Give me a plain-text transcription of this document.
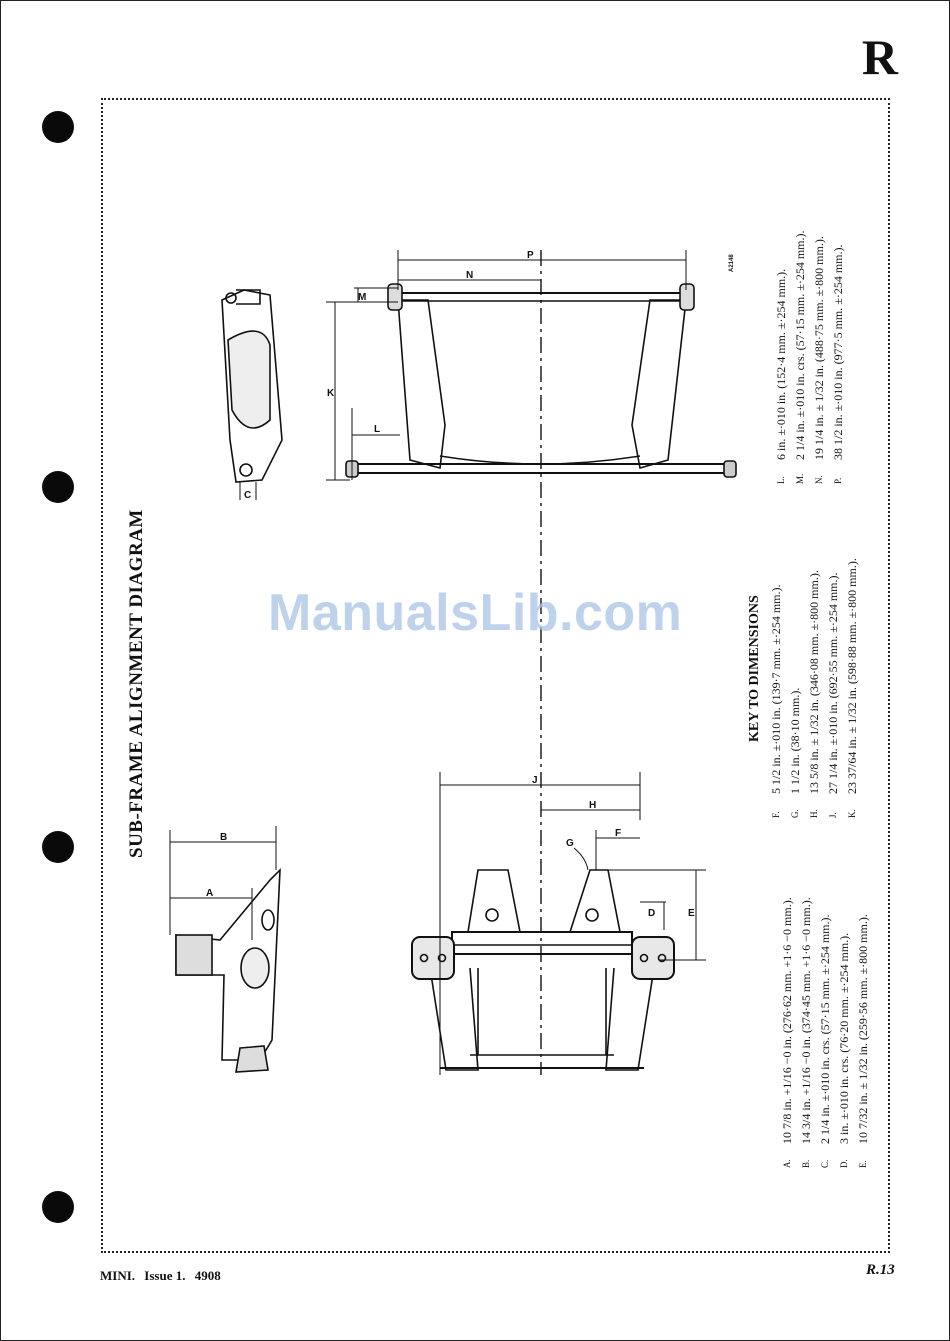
R
SUB-FRAME ALIGNMENT DIAGRAM	KEY TO DIMENSIONS
A.
10 7/8 in. +1/16 −0 in. (276·62 mm. +1·6 −0 mm.).
B.
14 3/4 in. +1/16 −0 in. (374·45 mm. +1·6 −0 mm.).
C.
2 1/4 in. ±·010 in. crs. (57·15 mm. ±·254 mm.).
D.
3 in. ±·010 in. crs. (76·20 mm. ±·254 mm.).
E.
10 7/32 in. ± 1/32 in. (259·56 mm. ±·800 mm.).
F.
5 1/2 in. ±·010 in. (139·7 mm. ±·254 mm.).
G.
1 1/2 in. (38·10 mm.).
H.
13 5/8 in. ± 1/32 in. (346·08 mm. ±·800 mm.).
J.
27 1/4 in. ±·010 in. (692·55 mm. ±·254 mm.).
K.
23 37/64 in. ± 1/32 in. (598·88 mm. ±·800 mm.).
L.
6 in. ±·010 in. (152·4 mm. ±·254 mm.).
M.
2 1/4 in. ±·010 in. crs. (57·15 mm. ±·254 mm.).
N.
19 1/4 in. ± 1/32 in. (488·75 mm. ±·800 mm.).
P.
38 1/2 in. ±·010 in. (977·5 mm. ±·254 mm.).
P
N
M
K
L
C
J
H
F
G
D	E
B
A
A2148
ManualsLib.com
MINI. Issue 1. 4908	R.13
